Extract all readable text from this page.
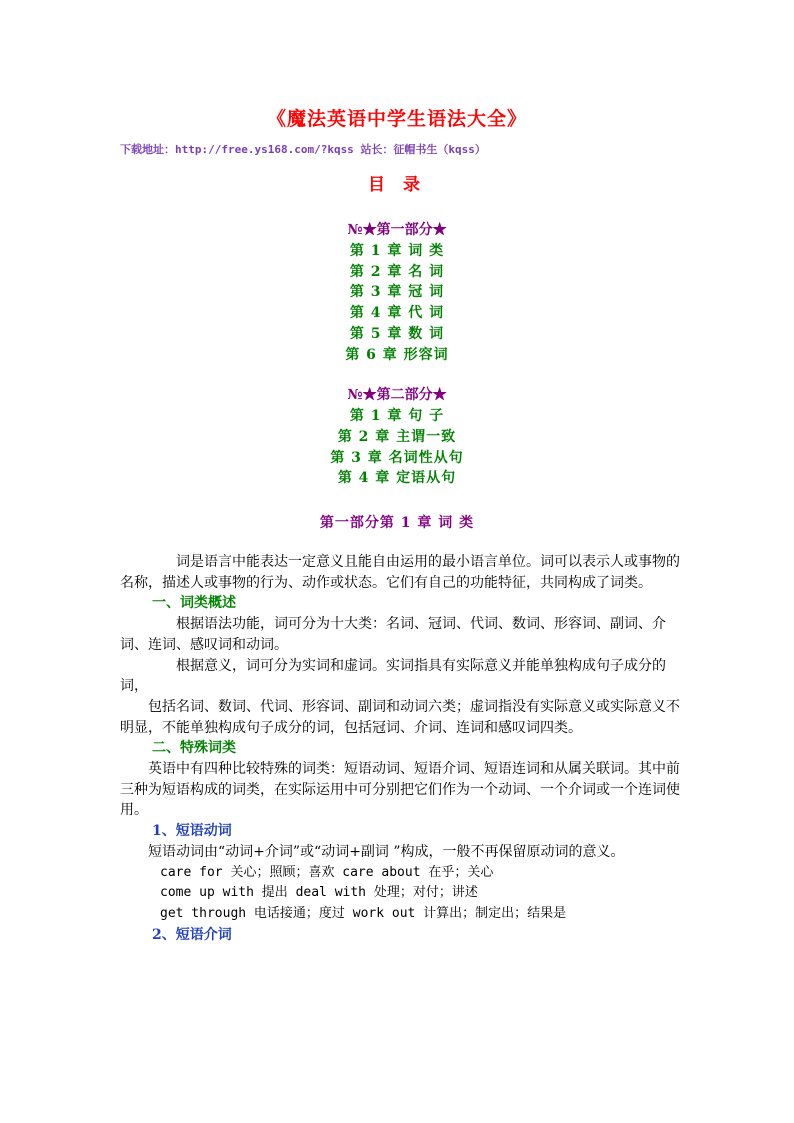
《魔法英语中学生语法大全》
下载地址：http://free.ys168.com/?kqss 站长：征帽书生（kqss）
目 录
№★第一部分★
第 1 章 词 类
第 2 章 名 词
第 3 章 冠 词
第 4 章 代 词
第 5 章 数 词
第 6 章 形容词
№★第二部分★
第 1 章 句 子
第 2 章 主谓一致
第 3 章 名词性从句
第 4 章 定语从句
第一部分第 1 章 词 类

词是语言中能表达一定意义且能自由运用的最小语言单位。词可以表示人或事物的名称，描述人或事物的行为、动作或状态。它们有自己的功能特征，共同构成了词类。

一、词类概述

根据语法功能，词可分为十大类：名词、冠词、代词、数词、形容词、副词、介词、连词、感叹词和动词。

根据意义，词可分为实词和虚词。实词指具有实际意义并能单独构成句子成分的词，

包括名词、数词、代词、形容词、副词和动词六类；虚词指没有实际意义或实际意义不明显，不能单独构成句子成分的词，包括冠词、介词、连词和感叹词四类。

二、特殊词类

英语中有四种比较特殊的词类：短语动词、短语介词、短语连词和从属关联词。其中前三种为短语构成的词类，在实际运用中可分别把它们作为一个动词、一个介词或一个连词使用。

1、短语动词

短语动词由“动词+介词”或“动词+副词 ”构成，一般不再保留原动词的意义。

care for 关心；照顾；喜欢 care about 在乎；关心

come up with 提出 deal with 处理；对付；讲述

get through 电话接通；度过 work out 计算出；制定出；结果是

2、短语介词
